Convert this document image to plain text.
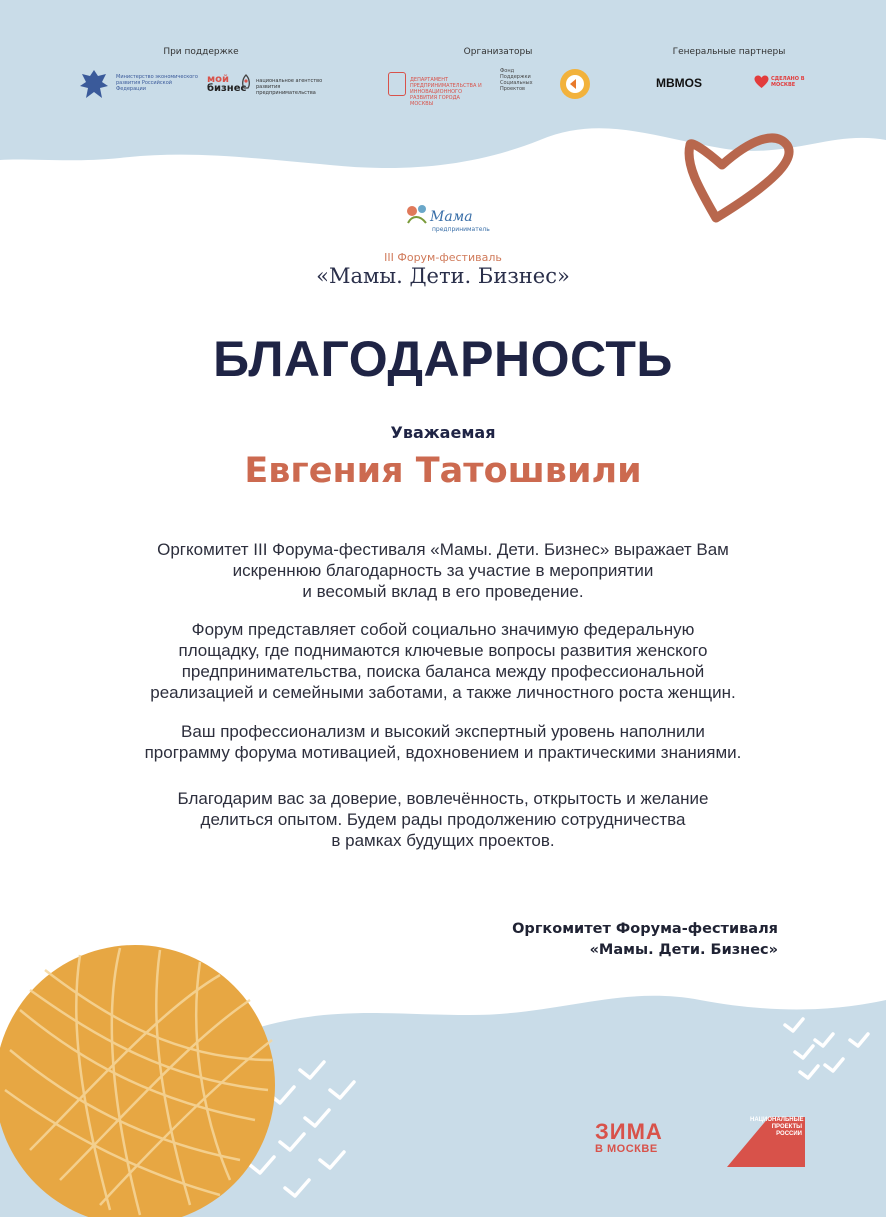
При поддержке	Организаторы	Генеральные партнеры
Министерство экономического развития Российской Федерации
мой
бизнес
национальное агентство развития предпринимательства
ДЕПАРТАМЕНТ ПРЕДПРИНИМАТЕЛЬСТВА И ИННОВАЦИОННОГО РАЗВИТИЯ ГОРОДА МОСКВЫ
Фонд Поддержки Социальных Проектов	MBMOS	СДЕЛАНО В МОСКВЕ
Мама
предприниматель
III Форум-фестиваль
«Мамы. Дети. Бизнес»
БЛАГОДАРНОСТЬ
Уважаемая
Евгения Татошвили
Оргкомитет III Форума-фестиваля «Мамы. Дети. Бизнес» выражает Вам
искреннюю благодарность за участие в мероприятии
и весомый вклад в его проведение.
Форум представляет собой социально значимую федеральную
площадку, где поднимаются ключевые вопросы развития женского
предпринимательства, поиска баланса между профессиональной
реализацией и семейными заботами, а также личностного роста женщин.
Ваш профессионализм и высокий экспертный уровень наполнили
программу форума мотивацией, вдохновением и практическими знаниями.
Благодарим вас за доверие, вовлечённость, открытость и желание
делиться опытом. Будем рады продолжению сотрудничества
в рамках будущих проектов.
Оргкомитет Форума-фестиваля
«Мамы. Дети. Бизнес»
ЗИМА
В МОСКВЕ
НАЦИОНАЛЬНЫЕ ПРОЕКТЫ РОССИИ
